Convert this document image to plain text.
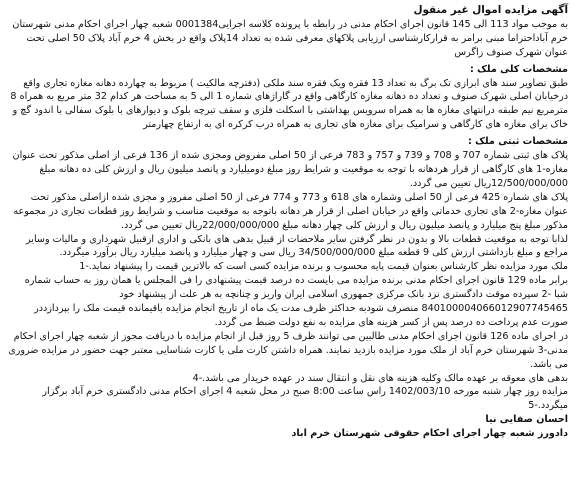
آگهی مزایده اموال غیر منقول

به موجب مواد 113 الی 145 قانون اجرای احکام مدنی در رابطه با پرونده کلاسه اجرایی0001384 شعبه چهار اجرای احکام مدنی شهرستان خرم آباداحتراما مبنی برامر به قرارکارشناسی ارزیابی پلاکهای معرفی شده به تعداد 14پلاک واقع در بخش 4 خرم آباد پلاک 50 اصلی تحت عنوان شهرک صنوف زاگرس

مشخصات کلی ملک :

طبق تصاویر سند های ابرازی تک برگ به تعداد 13 فقره ویک فقره سند ملکی (دفترچه مالکیت ) مربوط به چهارده دهانه مغازه تجاری واقع درخیابان اصلی شهرک صنوف و تعداد ده دهانه مغازه کارگاهی واقع در گاراژهای شماره 1 الی 5 به مساحت هر کدام 32 متر مربع به همراه 8 مترمربع نیم طبقه درانتهای مغازه ها به همراه سرویس بهداشتی با اسکلت فلزی و سقف تیرچه بلوک و دیوارهای با بلوک سفالی با اندود گچ و خاک برای مغازه های کارگاهی و سرامیک برای مغازه های تجاری به همراه درب کرکره ای به ارتفاع چهارمتر

مشخصات ثبتی ملک :

پلاک های ثبتی شماره 707 و 708 و 739 و 757 و 783 فرعی از 50 اصلی مفروض ومجزی شده از 136 فرعی از اصلی مذکور تحت عنوان مغازه-1 های کارگاهی از قرار هردهانه با توجه به موقعیت و شرایط روز مبلغ دومیلیارد و پانصد میلیون ریال و ارزش کلی ده دهانه مبلغ 12/500/000/000ریال تعیین می گردد.

پلاک های شماره 425 فرعی از 50 اصلی وشماره های 618 و 773 و 774 فرعی از 50 اصلی مفروز و مجزی شده ازاصلی مذکور تحت عنوان مغازه-2 های تجاری خدماتی واقع در خیابان اصلی از قرار هر دهانه باتوجه به موقعیت مناسب و شرایط روز قطعات تجاری در مجموعه مذکور مبلغ پنج میلیارد و پانصد میلیون ریال و ارزش کلی چهار دهانه مبلغ 22/000/000/000ریال تعیین می گردد.

لذابا توجه به موقعیت قطعات بالا و بدون در نظر گرفتن سایر ملاحضات از قبیل بدهی های بانکی و اداری ازقبیل شهرداری و مالیات وسایر مراجع و مبلغ بازداشتی ارزش کلی 9 قطعه مبلغ 34/500/000/000 ریال سی و چهار میلیارد و پانصد میلیارد ریال برآورد میگردد.

ملک مورد مزایده نظر کارشناس بعنوان قیمت پایه محسوب و برنده مزایده کسی است که بالاترین قیمت را پیشنهاد نماید.-1

برابر ماده 129 قانون اجرای احکام مدنی برنده مزایده می بایست ده درصد قیمت پیشنهادی را فی المجلس یا همان روز به حساب شماره شبا -2 سپرده موقت دادگستری نزد بانک مرکزی جمهوری اسلامی ایران واریز و چنانچه به هر علت از پیشنهاد خود 840100004066012907745465 منصرف شودبه حداکثر ظرف مدت یک ماه از تاریخ انجام مزایده باقیمانده قیمت ملک را بپردازددر صورت عدم پرداخت ده درصد پس از کسر هزینه های مزایده به نفع دولت ضبط می گردد.

در اجرای ماده 126 قانون اجرای احکام مدنی طالبین می توانند ظرف 5 روز قبل از انجام مزایده با دریافت مجوز از شعبه چهار اجرای احکام مدنی-3 شهرستان خرم آباد از ملک مورد مزایده بازدید نمایند. همراه داشتن کارت ملی یا کارت شناسایی معتبر جهت حضور در مزایده ضروری می باشد.

بدهی های معوقه بر عهده مالک وکلیه هزینه های نقل و انتقال سند در عهده خریدار می باشد.-4

مزایده روز چهار شنبه مورخه 1402/003/10 راس ساعت 8:00 صبح در محل شعبه 4 اجرای احکام مدنی دادگستری خرم آباد برگزار میگردد.-5

احسان صفایی نیا

دادورز شعبه چهار اجرای احکام حقوقی شهرستان خرم اباد
